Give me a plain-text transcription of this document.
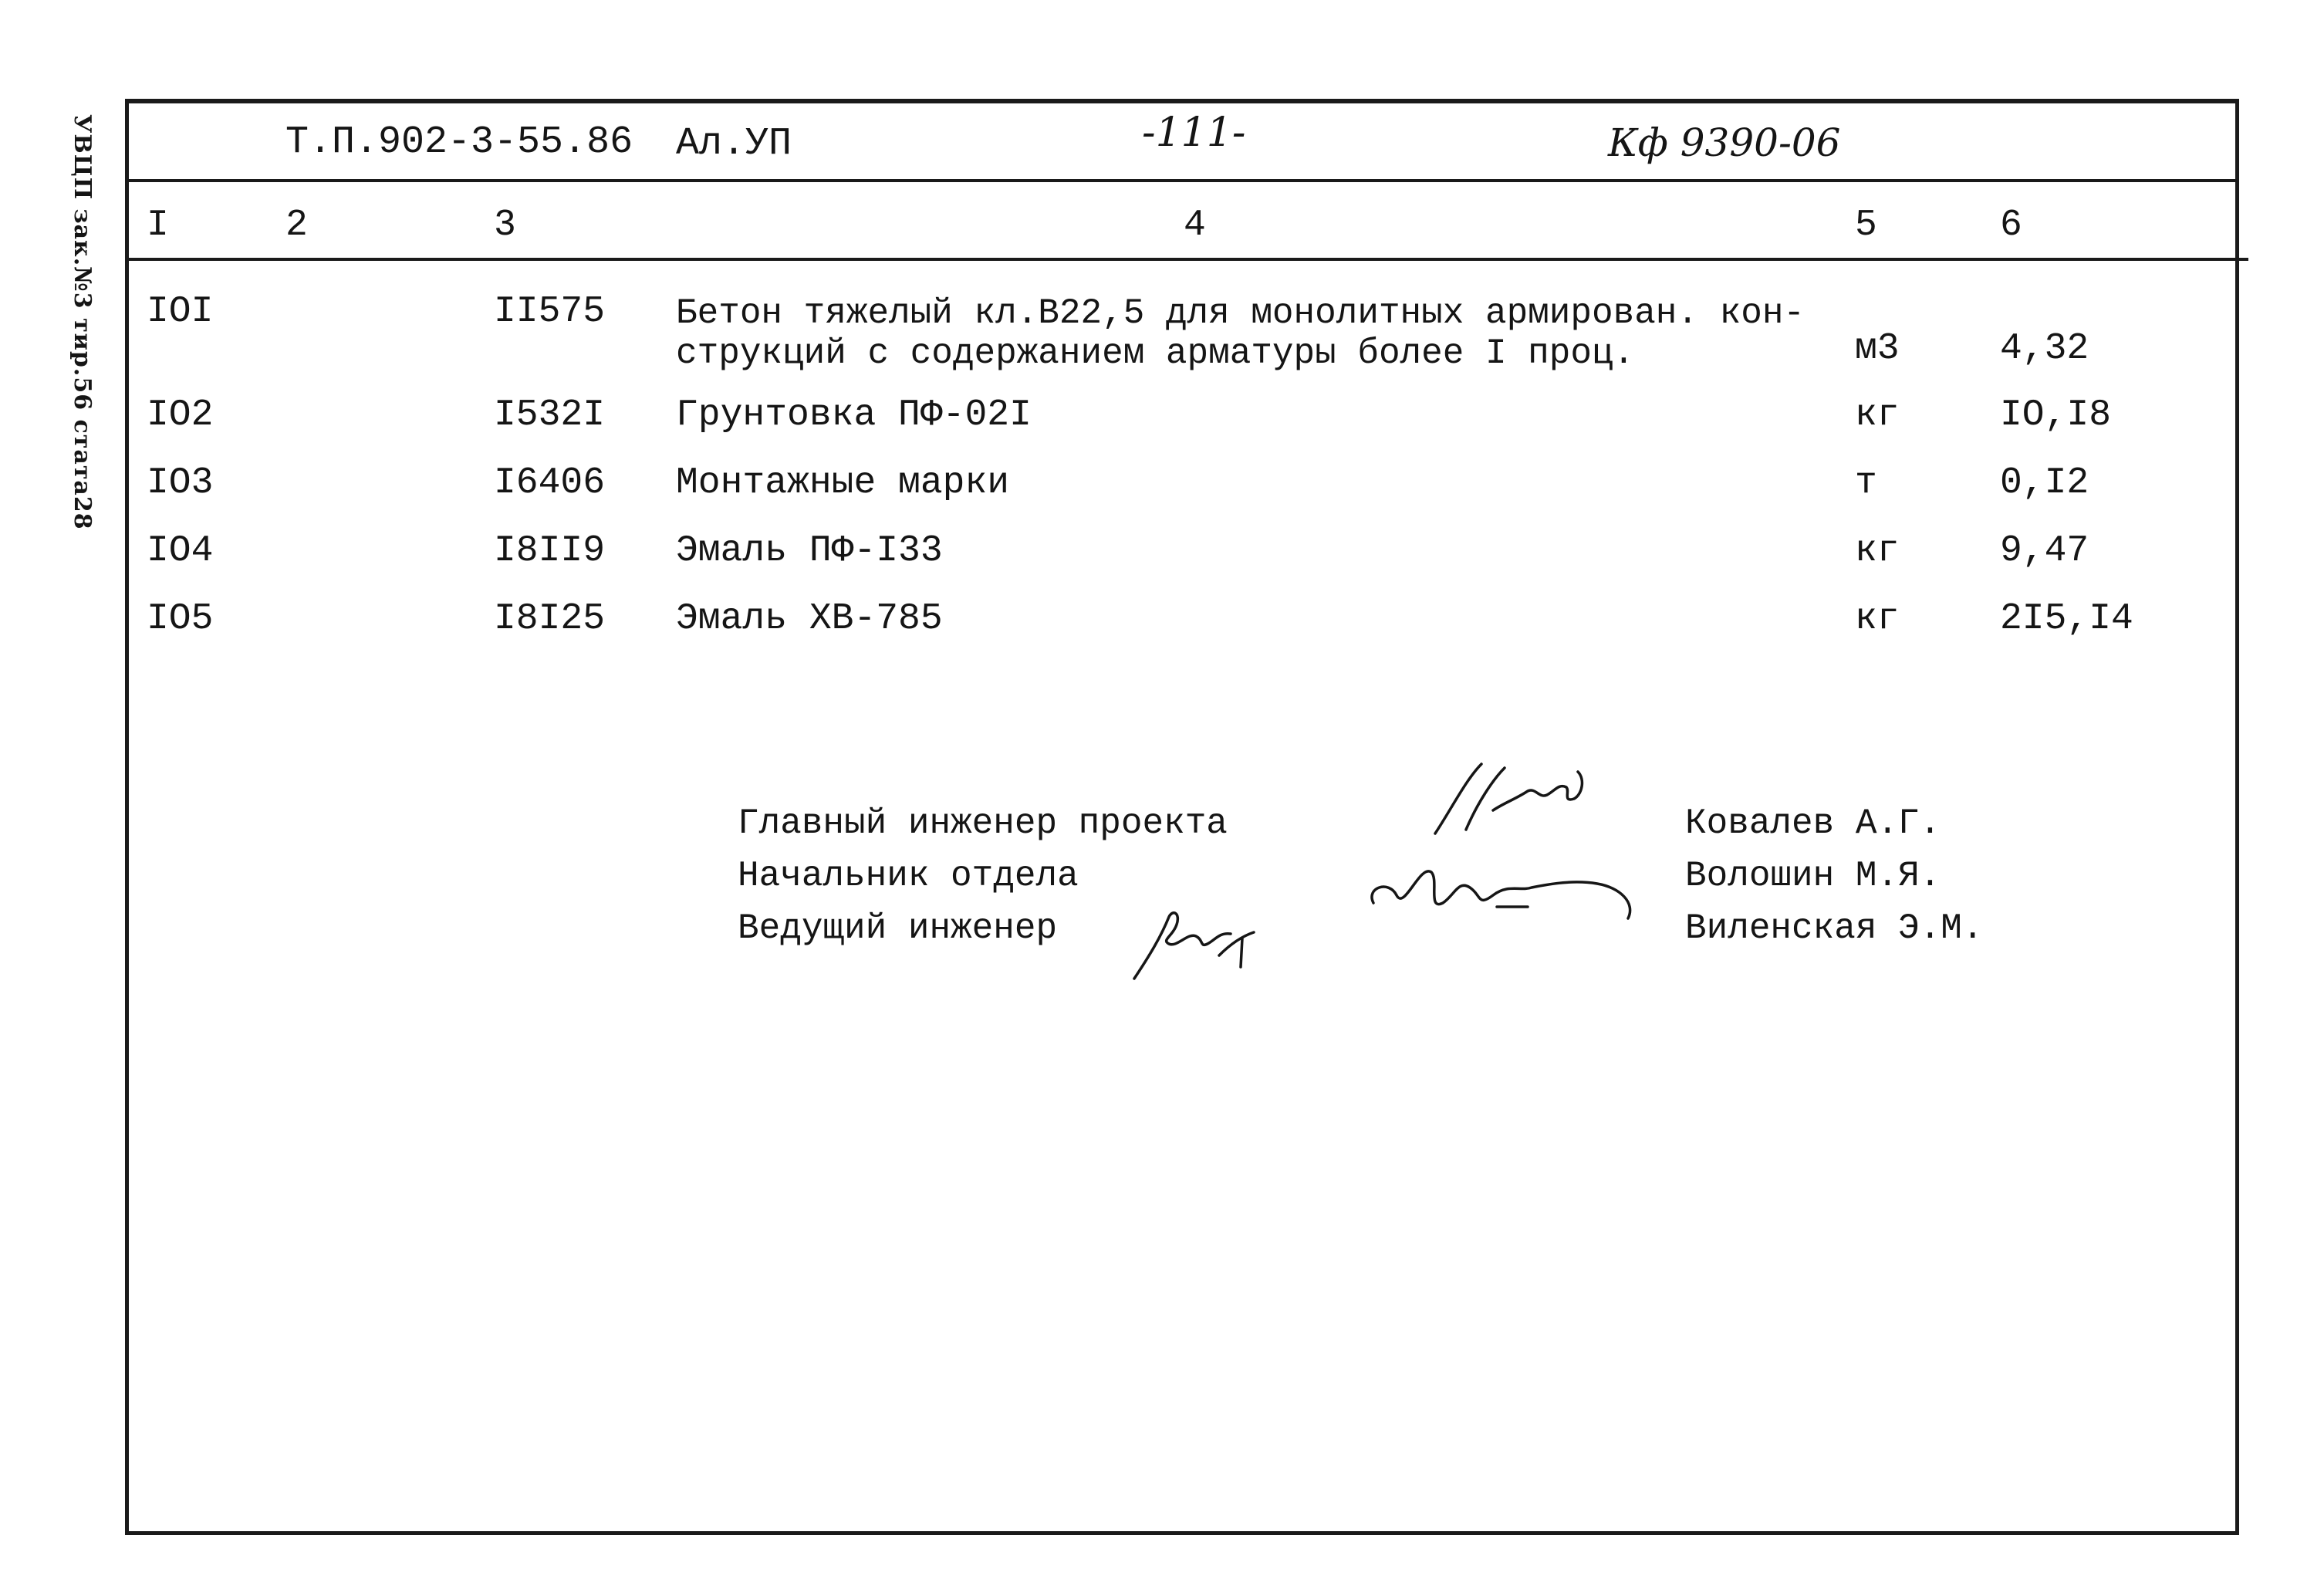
УВЦП зак.№3 тир.56 стата28	Т.П.902-3-55.86 Ал.УП	-111-	Кф 9390-06
I	2	3	4	5	6
IOI	II575 Бетон тяжелый кл.В22,5 для монолитных армирован. кон-
струкций с содержанием арматуры более I проц.	м3	4,32
IO2	I532I Грунтовка ПФ-02I	кг	IO,I8
IO3	I6406 Монтажные марки	т	0,I2
IO4	I8II9 Эмаль ПФ-I33	кг	9,47
IO5	I8I25 Эмаль ХВ-785	кг	2I5,I4
Главный инженер проекта
Начальник отдела
Ведущий инженер
Ковалев А.Г.
Волошин М.Я.
Виленская Э.М.
